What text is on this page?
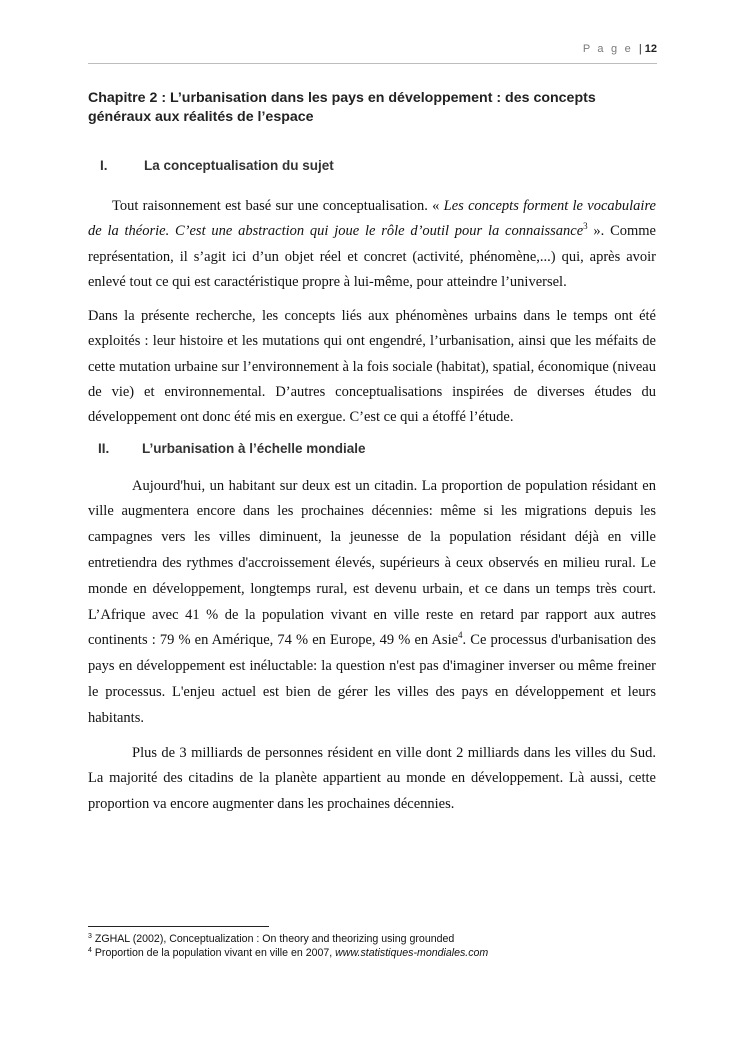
P a g e | 12
Chapitre 2 : L’urbanisation dans les pays en développement : des concepts généraux aux réalités de l’espace
I.	La conceptualisation du sujet

Tout raisonnement est basé sur une conceptualisation. « Les concepts forment le vocabulaire de la théorie. C’est une abstraction qui joue le rôle d’outil pour la connaissance$^3$ ». Comme représentation, il s’agit ici d’un objet réel et concret (activité, phénomène,...) qui, après avoir enlevé tout ce qui est caractéristique propre à lui-même, pour atteindre l’universel.

Dans la présente recherche, les concepts liés aux phénomènes urbains dans le temps ont été exploités : leur histoire et les mutations qui ont engendré, l’urbanisation, ainsi que les méfaits de cette mutation urbaine sur l’environnement à la fois sociale (habitat), spatial, économique (niveau de vie) et environnemental. D’autres conceptualisations inspirées de diverses études du développement ont donc été mis en exergue. C’est ce qui a étoffé l’étude.

II.	L’urbanisation à l’échelle mondiale

Aujourd'hui, un habitant sur deux est un citadin. La proportion de population résidant en ville augmentera encore dans les prochaines décennies: même si les migrations depuis les campagnes vers les villes diminuent, la jeunesse de la population résidant déjà en ville entretiendra des rythmes d'accroissement élevés, supérieurs à ceux observés en milieu rural. Le monde en développement, longtemps rural, est devenu urbain, et ce dans un temps très court. L’Afrique avec 41 % de la population vivant en ville reste en retard par rapport aux autres continents : 79 % en Amérique, 74 % en Europe, 49 % en Asie$^4$. Ce processus d'urbanisation des pays en développement est inéluctable: la question n'est pas d'imaginer inverser ou même freiner le processus. L'enjeu actuel est bien de gérer les villes des pays en développement et leurs habitants.

Plus de 3 milliards de personnes résident en ville dont 2 milliards dans les villes du Sud. La majorité des citadins de la planète appartient au monde en développement. Là aussi, cette proportion va encore augmenter dans les prochaines décennies.

$^3$ ZGHAL (2002), Conceptualization : On theory and theorizing using grounded
$^4$ Proportion de la population vivant en ville en 2007, www.statistiques-mondiales.com
